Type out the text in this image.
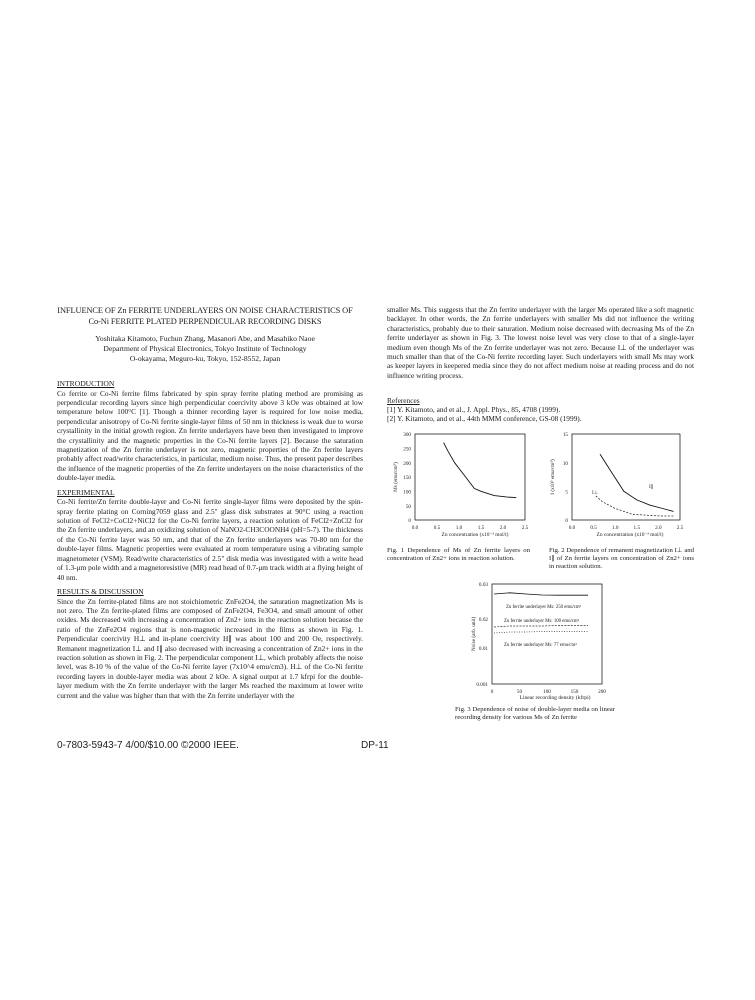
INFLUENCE OF Zn FERRITE UNDERLAYERS ON NOISE CHARACTERISTICS OF
Co-Ni FERRITE PLATED PERPENDICULAR RECORDING DISKS
Yoshitaka Kitamoto, Fuchun Zhang, Masanori Abe, and Masahiko Naoe
Department of Physical Electronics, Tokyo Institute of Technology
O-okayama, Meguro-ku, Tokyo, 152-8552, Japan

INTRODUCTION

Co ferrite or Co-Ni ferrite films fabricated by spin spray ferrite plating method are promising as perpendicular recording layers since high perpendicular coercivity above 3 kOe was obtained at low temperature below 100°C [1]. Though a thinner recording layer is required for low noise media, perpendicular anisotropy of Co-Ni ferrite single-layer films of 50 nm in thickness is weak due to worse crystallinity in the initial growth region. Zn ferrite underlayers have been then investigated to improve the crystallinity and the magnetic properties in the Co-Ni ferrite layers [2]. Because the saturation magnetization of the Zn ferrite underlayer is not zero, magnetic properties of the Zn ferrite layers probably affect read/write characteristics, in particular, medium noise. Thus, the present paper describes the influence of the magnetic properties of the Zn ferrite underlayers on the noise characteristics of the double-layer media.

EXPERIMENTAL

Co-Ni ferrite/Zn ferrite double-layer and Co-Ni ferrite single-layer films were deposited by the spin-spray ferrite plating on Corning7059 glass and 2.5" glass disk substrates at 90°C using a reaction solution of FeCl2+CoCl2+NiCl2 for the Co-Ni ferrite layers, a reaction solution of FeCl2+ZnCl2 for the Zn ferrite underlayers, and an oxidizing solution of NaNO2-CH3COONH4 (pH=5-7). The thickness of the Co-Ni ferrite layer was 50 nm, and that of the Zn ferrite underlayers was 70-80 nm for the double-layer films. Magnetic properties were evaluated at room temperature using a vibrating sample magnetometer (VSM). Read/write characteristics of 2.5" disk media was investigated with a write head of 1.3-μm pole width and a magnetoresistive (MR) read head of 0.7-μm track width at a flying height of 40 nm.

RESULTS & DISCUSSION

Since the Zn ferrite-plated films are not stoichiometric ZnFe2O4, the saturation magnetization Ms is not zero. The Zn ferrite-plated films are composed of ZnFe2O4, Fe3O4, and small amount of other oxides. Ms decreased with increasing a concentration of Zn2+ ions in the reaction solution because the ratio of the ZnFe2O4 regions that is non-magnetic increased in the films as shown in Fig. 1. Perpendicular coercivity H⊥ and in-plane coercivity H∥ was about 100 and 200 Oe, respectively. Remanent magnetization I⊥ and I∥ also decreased with increasing a concentration of Zn2+ ions in the reaction solution as shown in Fig. 2. The perpendicular component I⊥, which probably affects the noise level, was 8-10 % of the value of the Co-Ni ferrite layer (7x10^4 emu/cm3). H⊥ of the Co-Ni ferrite recording layers in double-layer media was about 2 kOe. A signal output at 1.7 kfrpi for the double-layer medium with the Zn ferrite underlayer with the larger Ms reached the maximum at lower write current and the value was higher than that with the Zn ferrite underlayer with the

smaller Ms. This suggests that the Zn ferrite underlayer with the larger Ms operated like a soft magnetic backlayer. In other words, the Zn ferrite underlayers with smaller Ms did not influence the writing characteristics, probably due to their saturation. Medium noise decreased with decreasing Ms of the Zn ferrite underlayer as shown in Fig. 3. The lowest noise level was very close to that of a single-layer medium even though Ms of the Zn ferrite underlayer was not zero. Because I⊥ of the underlayer was much smaller than that of the Co-Ni ferrite recording layer. Such underlayers with small Ms may work as keeper layers in keepered media since they do not affect medium noise at reading process and do not influence writing process.

References
[1] Y. Kitamoto, and et al., J. Appl. Phys., 85, 4708 (1999).
[2] Y. Kitamoto, and et al., 44th MMM conference, GS-08 (1999).
300
250
200
150
100
50
0
0.0	0.5	1.0	1.5	2.0	2.5
Ms (emu/cm³)
Zn concentration (x10⁻³ mol/l)
Fig. 1 Dependence of Ms of Zn ferrite layers on concentration of Zn2+ ions in reaction solution.
15
10
5
0
0.0	0.5	1.0	1.5	2.0	2.5
I (x10³ emu/cm³)	I∥
I⊥
Zn concentration (x10⁻³ mol/l)
Fig. 2 Dependence of remanent magnetization I⊥ and I∥ of Zn ferrite layers on concentration of Zn2+ ions in reaction solution.
0.03
0.02
0.01
0.001
0	50	100	150	200
Noise (arb. unit)
Zn ferrite underlayer Ms: 250 emu/cm³
Zn ferrite underlayer Ms: 100 emu/cm³
Zn ferrite underlayer Ms: 77 emu/cm³
Linear recording density (kfrpi)
Fig. 3 Dependence of noise of double-layer media on linear recording density for various Ms of Zn ferrite
0-7803-5943-7 4/00/$10.00 ©2000 IEEE.	DP-11
